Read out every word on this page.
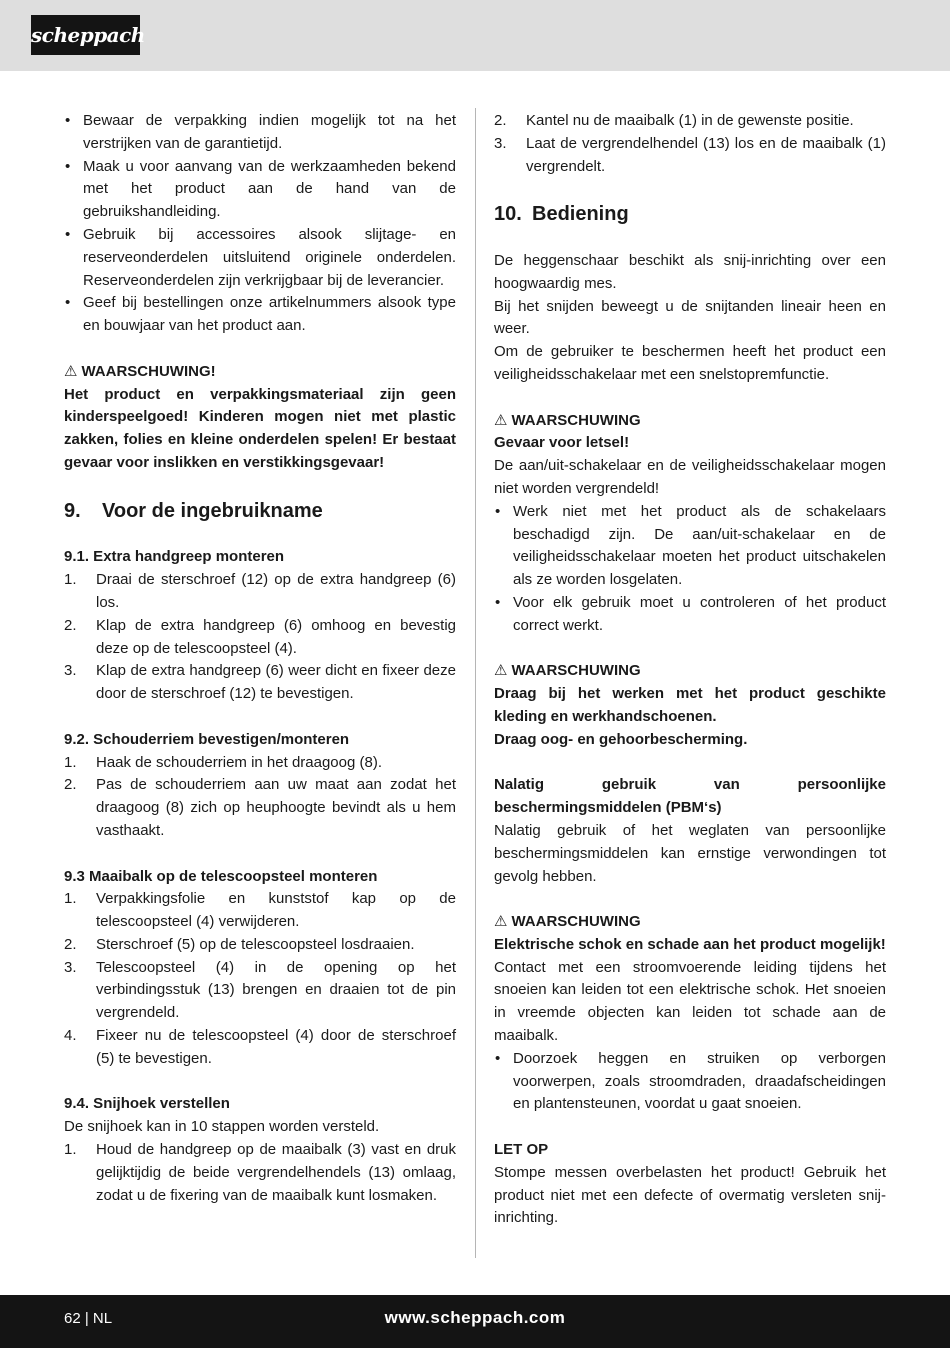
scheppach
• Bewaar de verpakking indien mogelijk tot na het verstrijken van de garantietijd.
• Maak u voor aanvang van de werkzaamheden bekend met het product aan de hand van de gebruikshandleiding.
• Gebruik bij accessoires alsook slijtage- en reserveonderdelen uitsluitend originele onderdelen. Reserveonderdelen zijn verkrijgbaar bij de leverancier.
• Geef bij bestellingen onze artikelnummers alsook type en bouwjaar van het product aan.
⚠ WAARSCHUWING!

Het product en verpakkingsmateriaal zijn geen kinderspeelgoed! Kinderen mogen niet met plastic zakken, folies en kleine onderdelen spelen! Er bestaat gevaar voor inslikken en verstikkingsgevaar!

9. Voor de ingebruikname
9.1. Extra handgreep monteren
1. Draai de sterschroef (12) op de extra handgreep (6) los.
2. Klap de extra handgreep (6) omhoog en bevestig deze op de telescoopsteel (4).
3. Klap de extra handgreep (6) weer dicht en fixeer deze door de sterschroef (12) te bevestigen.
9.2. Schouderriem bevestigen/monteren
1. Haak de schouderriem in het draagoog (8).
2. Pas de schouderriem aan uw maat aan zodat het draagoog (8) zich op heuphoogte bevindt als u hem vasthaakt.
9.3 Maaibalk op de telescoopsteel monteren
1. Verpakkingsfolie en kunststof kap op de telescoopsteel (4) verwijderen.
2. Sterschroef (5) op de telescoopsteel losdraaien.
3. Telescoopsteel (4) in de opening op het verbindingsstuk (13) brengen en draaien tot de pin vergrendeld.
4. Fixeer nu de telescoopsteel (4) door de sterschroef (5) te bevestigen.
9.4. Snijhoek verstellen

De snijhoek kan in 10 stappen worden versteld.

1. Houd de handgreep op de maaibalk (3) vast en druk gelijktijdig de beide vergrendelhendels (13) omlaag, zodat u de fixering van de maaibalk kunt losmaken.
2. Kantel nu de maaibalk (1) in de gewenste positie.
3. Laat de vergrendelhendel (13) los en de maaibalk (1) vergrendelt.
10. Bediening

De heggenschaar beschikt als snij-inrichting over een hoogwaardig mes.

Bij het snijden beweegt u de snijtanden lineair heen en weer.

Om de gebruiker te beschermen heeft het product een veiligheidsschakelaar met een snelstopremfunctie.

⚠ WAARSCHUWING
Gevaar voor letsel!

De aan/uit-schakelaar en de veiligheidsschakelaar mogen niet worden vergrendeld!

• Werk niet met het product als de schakelaars beschadigd zijn. De aan/uit-schakelaar en de veiligheidsschakelaar moeten het product uitschakelen als ze worden losgelaten.
• Voor elk gebruik moet u controleren of het product correct werkt.
⚠ WAARSCHUWING

Draag bij het werken met het product geschikte kleding en werkhandschoenen.

Draag oog- en gehoorbescherming.

Nalatig gebruik van persoonlijke beschermingsmiddelen (PBM‘s)

Nalatig gebruik of het weglaten van persoonlijke beschermingsmiddelen kan ernstige verwondingen tot gevolg hebben.

⚠ WAARSCHUWING

Elektrische schok en schade aan het product mogelijk!

Contact met een stroomvoerende leiding tijdens het snoeien kan leiden tot een elektrische schok. Het snoeien in vreemde objecten kan leiden tot schade aan de maaibalk.

• Doorzoek heggen en struiken op verborgen voorwerpen, zoals stroomdraden, draadafscheidingen en plantensteunen, voordat u gaat snoeien.
LET OP

Stompe messen overbelasten het product! Gebruik het product niet met een defecte of overmatig versleten snij-inrichting.

62 | NL	www.scheppach.com
